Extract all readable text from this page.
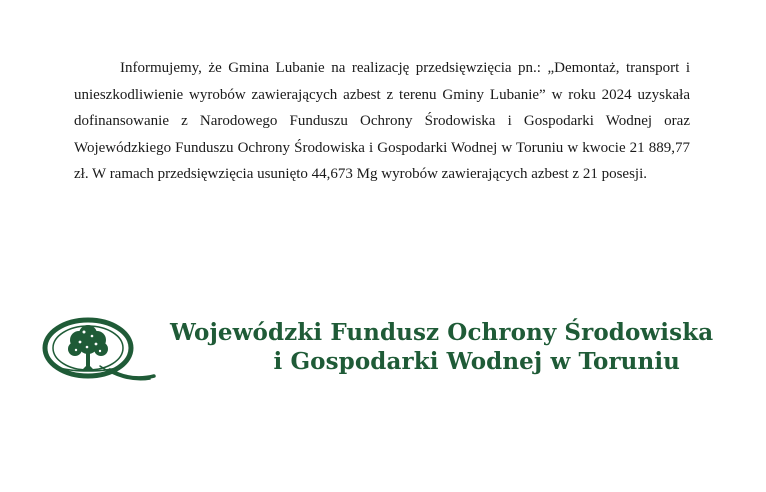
Informujemy, że Gmina Lubanie na realizację przedsięwzięcia pn.: „Demontaż, transport i unieszkodliwienie wyrobów zawierających azbest z terenu Gminy Lubanie” w roku 2024 uzyskała dofinansowanie z Narodowego Funduszu Ochrony Środowiska i Gospodarki Wodnej oraz Wojewódzkiego Funduszu Ochrony Środowiska i Gospodarki Wodnej w Toruniu w kwocie 21 889,77 zł. W ramach przedsięwzięcia usunięto 44,673 Mg wyrobów zawierających azbest z 21 posesji.

Wojewódzki Fundusz Ochrony Środowiska
i Gospodarki Wodnej w Toruniu
